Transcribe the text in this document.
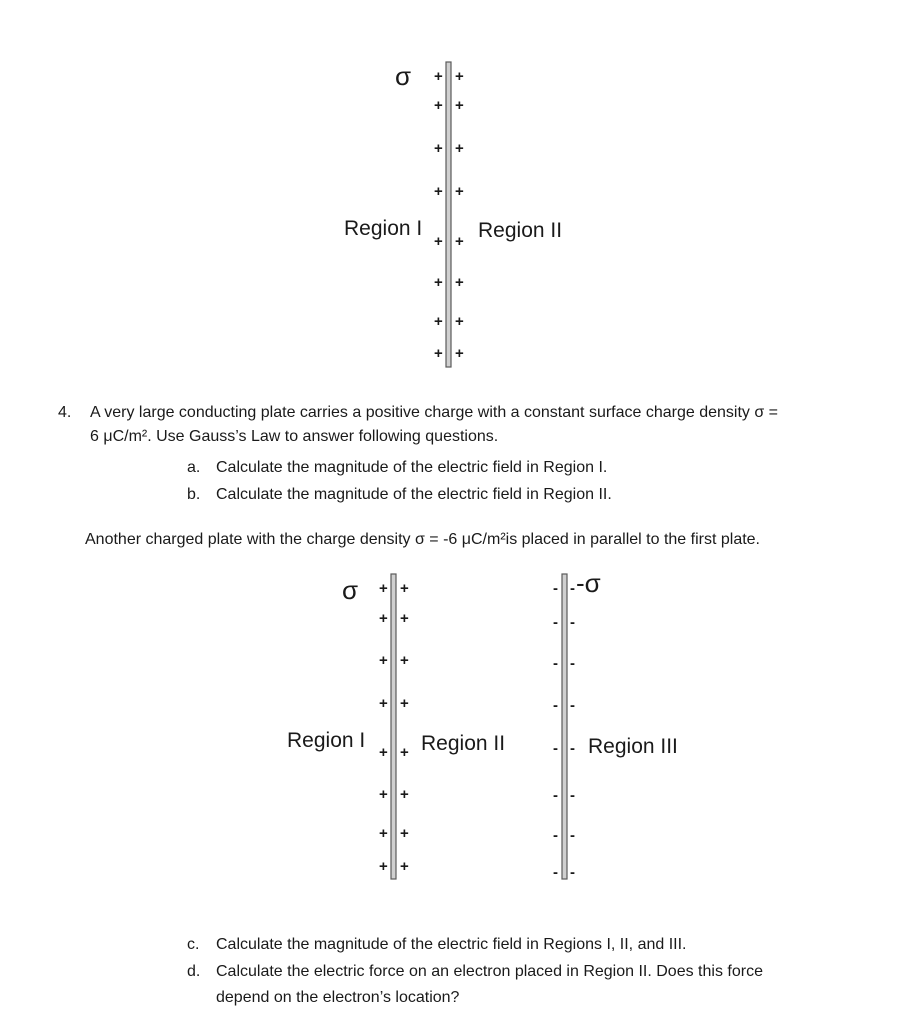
σ
Region I	Region II
+ +
+ +
+ +
+ +
+ +
+ +
+ +
+ +
4. A very large conducting plate carries a positive charge with a constant surface charge density σ =
6 μC/m². Use Gauss’s Law to answer following questions.
a. Calculate the magnitude of the electric field in Region I.
b. Calculate the magnitude of the electric field in Region II.
Another charged plate with the charge density σ = -6 μC/m²is placed in parallel to the first plate.
σ	-σ
Region I	Region II	Region III
+ +
+ +
+ +
+ +
+ +
+ +
+ +
+ +
- -
- -
- -
- -
- -
- -
- -
- -
c. Calculate the magnitude of the electric field in Regions I, II, and III.
d. Calculate the electric force on an electron placed in Region II. Does this force
depend on the electron’s location?
